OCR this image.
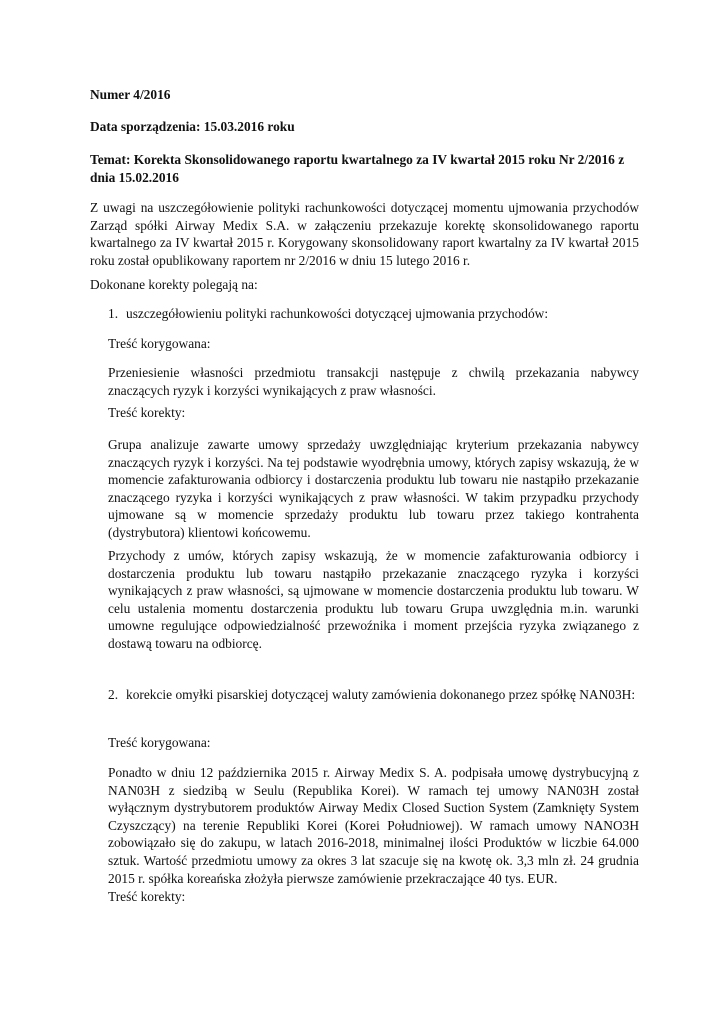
Numer 4/2016

Data sporządzenia: 15.03.2016 roku

Temat: Korekta Skonsolidowanego raportu kwartalnego za IV kwartał 2015 roku Nr 2/2016 z dnia 15.02.2016

Z uwagi na uszczegółowienie polityki rachunkowości dotyczącej momentu ujmowania przychodów Zarząd spółki Airway Medix S.A. w załączeniu przekazuje korektę skonsolidowanego raportu kwartalnego za IV kwartał 2015 r. Korygowany skonsolidowany raport kwartalny za IV kwartał 2015 roku został opublikowany raportem nr 2/2016 w dniu 15 lutego 2016 r.

Dokonane korekty polegają na:

1. uszczegółowieniu polityki rachunkowości dotyczącej ujmowania przychodów:

Treść korygowana:

Przeniesienie własności przedmiotu transakcji następuje z chwilą przekazania nabywcy znaczących ryzyk i korzyści wynikających z praw własności.

Treść korekty:

Grupa analizuje zawarte umowy sprzedaży uwzględniając kryterium przekazania nabywcy znaczących ryzyk i korzyści. Na tej podstawie wyodrębnia umowy, których zapisy wskazują, że w momencie zafakturowania odbiorcy i dostarczenia produktu lub towaru nie nastąpiło przekazanie znaczącego ryzyka i korzyści wynikających z praw własności. W takim przypadku przychody ujmowane są w momencie sprzedaży produktu lub towaru przez takiego kontrahenta (dystrybutora) klientowi końcowemu.

Przychody z umów, których zapisy wskazują, że w momencie zafakturowania odbiorcy i dostarczenia produktu lub towaru nastąpiło przekazanie znaczącego ryzyka i korzyści wynikających z praw własności, są ujmowane w momencie dostarczenia produktu lub towaru. W celu ustalenia momentu dostarczenia produktu lub towaru Grupa uwzględnia m.in. warunki umowne regulujące odpowiedzialność przewoźnika i moment przejścia ryzyka związanego z dostawą towaru na odbiorcę.

2. korekcie omyłki pisarskiej dotyczącej waluty zamówienia dokonanego przez spółkę NAN03H:

Treść korygowana:

Ponadto w dniu 12 października 2015 r. Airway Medix S. A. podpisała umowę dystrybucyjną z NAN03H z siedzibą w Seulu (Republika Korei). W ramach tej umowy NAN03H został wyłącznym dystrybutorem produktów Airway Medix Closed Suction System (Zamknięty System Czyszczący) na terenie Republiki Korei (Korei Południowej). W ramach umowy NANO3H zobowiązało się do zakupu, w latach 2016-2018, minimalnej ilości Produktów w liczbie 64.000 sztuk. Wartość przedmiotu umowy za okres 3 lat szacuje się na kwotę ok. 3,3 mln zł. 24 grudnia 2015 r. spółka koreańska złożyła pierwsze zamówienie przekraczające 40 tys. EUR.

Treść korekty:
